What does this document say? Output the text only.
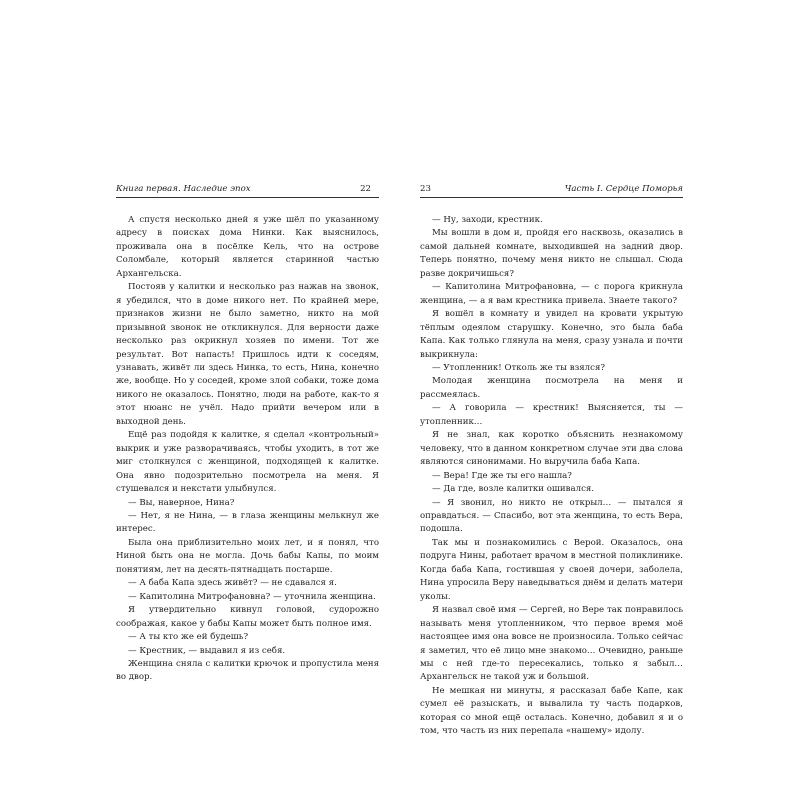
Книга первая. Наследие эпох	22

А спустя несколько дней я уже шёл по указанному адресу в поисках дома Нинки. Как выяснилось, проживала она в посёлке Кель, что на острове Соломбале, который является старинной частью Архангельска.

Постояв у калитки и несколько раз нажав на звонок, я убедился, что в доме никого нет. По крайней мере, признаков жизни не было заметно, никто на мой призывной звонок не откликнулся. Для верности даже несколько раз окрикнул хозяев по имени. Тот же результат. Вот напасть! Пришлось идти к соседям, узнавать, живёт ли здесь Нинка, то есть, Нина, конечно же, вообще. Но у соседей, кроме злой собаки, тоже дома никого не оказалось. Понятно, люди на работе, как-то я этот нюанс не учёл. Надо прийти вечером или в выходной день.

Ещё раз подойдя к калитке, я сделал «контрольный» выкрик и уже разворачиваясь, чтобы уходить, в тот же миг столкнулся с женщиной, подходящей к калитке. Она явно подозрительно посмотрела на меня. Я стушевался и некстати улыбнулся.

— Вы, наверное, Нина?

— Нет, я не Нина, — в глаза женщины мелькнул же интерес.

Была она приблизительно моих лет, и я понял, что Ниной быть она не могла. Дочь бабы Капы, по моим понятиям, лет на десять-пятнадцать постарше.

— А баба Капа здесь живёт? — не сдавался я.

— Капитолина Митрофановна? — уточнила женщина.

Я утвердительно кивнул головой, судорожно соображая, какое у бабы Капы может быть полное имя.

— А ты кто же ей будешь?

— Крестник, — выдавил я из себя.

Женщина сняла с калитки крючок и пропустила меня во двор.

23	Часть I. Сердце Поморья

— Ну, заходи, крестник.

Мы вошли в дом и, пройдя его насквозь, оказались в самой дальней комнате, выходившей на задний двор. Теперь понятно, почему меня никто не слышал. Сюда разве докричишься?

— Капитолина Митрофановна, — с порога крикнула женщина, — а я вам крестника привела. Знаете такого?

Я вошёл в комнату и увидел на кровати укрытую тёплым одеялом старушку. Конечно, это была баба Капа. Как только глянула на меня, сразу узнала и почти выкрикнула:

— Утопленник! Отколь же ты взялся?

Молодая женщина посмотрела на меня и рассмеялась.

— А говорила — крестник! Выясняется, ты — утопленник…

Я не знал, как коротко объяснить незнакомому человеку, что в данном конкретном случае эти два слова являются синонимами. Но выручила баба Капа.

— Вера! Где же ты его нашла?

— Да где, возле калитки ошивался.

— Я звонил, но никто не открыл… — пытался я оправдаться. — Спасибо, вот эта женщина, то есть Вера, подошла.

Так мы и познакомились с Верой. Оказалось, она подруга Нины, работает врачом в местной поликлинике. Когда баба Капа, гостившая у своей дочери, заболела, Нина упросила Веру наведываться днём и делать матери уколы.

Я назвал своё имя — Сергей, но Вере так понравилось называть меня утопленником, что первое время моё настоящее имя она вовсе не произносила. Только сейчас я заметил, что её лицо мне знакомо… Очевидно, раньше мы с ней где-то пересекались, только я забыл… Архангельск не такой уж и большой.

Не мешкая ни минуты, я рассказал бабе Капе, как сумел её разыскать, и вывалила ту часть подарков, которая со мной ещё осталась. Конечно, добавил я и о том, что часть из них перепала «нашему» идолу.
